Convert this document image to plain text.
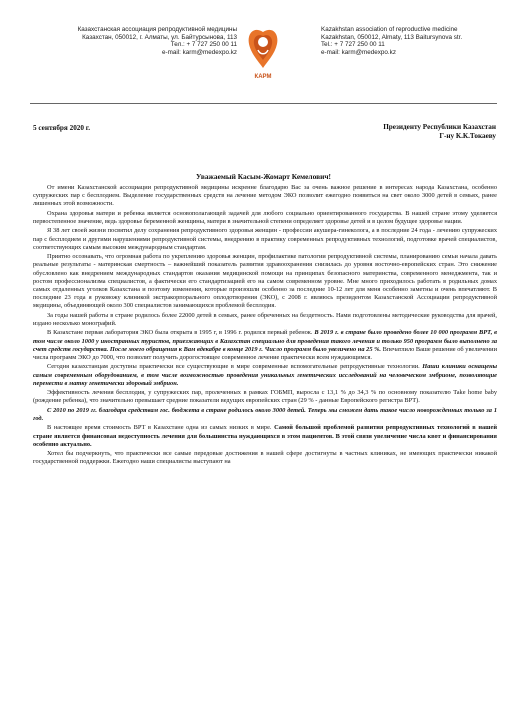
Казахстанская ассоциация репродуктивной медицины
Казахстан, 050012, г. Алматы, ул. Байтурсынова, 113
Тел.: + 7 727 250 00 11
e-mail: karm@medexpo.kz
КАРМ
Kazakhstan association of reproductive medicine
Kazakhstan, 050012, Almaty, 113 Baitursynova str.
Tel.: + 7 727 250 00 11
e-mail: karm@medexpo.kz
5 сентября 2020 г.	Президенту Республики Казахстан
Г-ну К.К.Токаеву
Уважаемый Касым-Жомарт Кемелович!

От имени Казахстанской ассоциации репродуктивной медицины искренне благодарю Вас за очень важное решение в интересах народа Казахстана, особенно супружеских пар с бесплодием. Выделение государственных средств на лечение методом ЭКО позволит ежегодно появиться на свет около 3000 детей в семьях, ранее лишенных этой возможности.

Охрана здоровья матери и ребенка является основополагающей задачей для любого социально ориентированного государства. В нашей стране этому уделяется первостепенное значение, ведь здоровье беременной женщины, матери в значительной степени определяет здоровье детей и в целом будущее здоровье нации.

Я 38 лет своей жизни посвятил делу сохранения репродуктивного здоровья женщин - профессии акушера-гинеколога, а в последние 24 года - лечению супружеских пар с бесплодием и другими нарушениями репродуктивной системы, внедрению в практику современных репродуктивных технологий, подготовке врачей специалистов, соответствующих самым высоким международным стандартам.

Приятно осознавать, что огромная работа по укреплению здоровья женщин, профилактике патологии репродуктивной системы, планированию семьи начала давать реальные результаты - материнская смертность – важнейший показатель развития здравоохранения снизилась до уровня восточно-европейских стран. Это снижение обусловлено как внедрением международных стандартов оказания медицинской помощи на принципах безопасного материнства, современного менеджмента, так и ростом профессионализма специалистов, а фактически его стандартизацией его на самом современном уровне. Мне много приходилось работать в родильных домах самых отдаленных уголков Казахстана и поэтому изменения, которые произошли особенно за последние 10-12 лет для меня особенно заметны и очень впечатляют. В последние 23 года я руковожу клиникой экстракорпорального оплодотворения (ЭКО), с 2008 г. являюсь президентом Казахстанской Ассоциации репродуктивной медицины, объединяющей около 300 специалистов занимающихся проблемой бесплодия.

За годы нашей работы в стране родилось более 22000 детей в семьях, ранее обреченных на бездетность. Нами подготовлены методические руководства для врачей, издано несколько монографий.

В Казахстане первая лаборатория ЭКО была открыта в 1995 г, в 1996 г. родился первый ребенок. В 2019 г. в стране было проведено более 10 000 программ ВРТ, в том числе около 1000 у иностранных туристов, приезжающих в Казахстан специально для проведения такого лечения и только 950 программ было выполнено за счет средств государства. После моего обращения к Вам вдекабре в конце 2019 г. Число программ было увеличено на 25 %. Впечатлило Ваше решение об увеличении числа программ ЭКО до 7000, что позволит получить дорогостоящее современное лечение практически всем нуждающимся.

Сегодня казахстанцам доступны практически все существующие в мире современные вспомогательные репродуктивные технологии. Наши клиники оснащены самым современным оборудованием, в том числе возможностью проведения уникальных генетических исследований на человеческом эмбрионе, позволяющие перенести в матку генетически здоровый эмбрион.

Эффективность лечения бесплодия, у супружеских пар, пролеченных в рамках ГОБМП, выросла с 13,1 % до 34,3 % по основному показателю Take home baby (рождение ребенка), что значительно превышает средние показатели ведущих европейских стран (29 % - данные Европейского регистра ВРТ).

С 2010 по 2019 гг. благодаря средствам гос. бюджета в стране родилось около 3000 детей. Теперь мы сможем дать такое число новорожденных только за 1 год.

В настоящее время стоимость ВРТ в Казахстане одна из самых низких в мире. Самой большой проблемой развития репродуктивных технологий в нашей стране является финансовая недоступность лечения для большинства нуждающихся в этом пациентов. В этой связи увеличение числа квот и финансирования особенно актуально.

Хотел бы подчеркнуть, что практически все самые передовые достижения в нашей сфере достигнуты в частных клиниках, не имеющих практически никакой государственной поддержки. Ежегодно наши специалисты выступают на
